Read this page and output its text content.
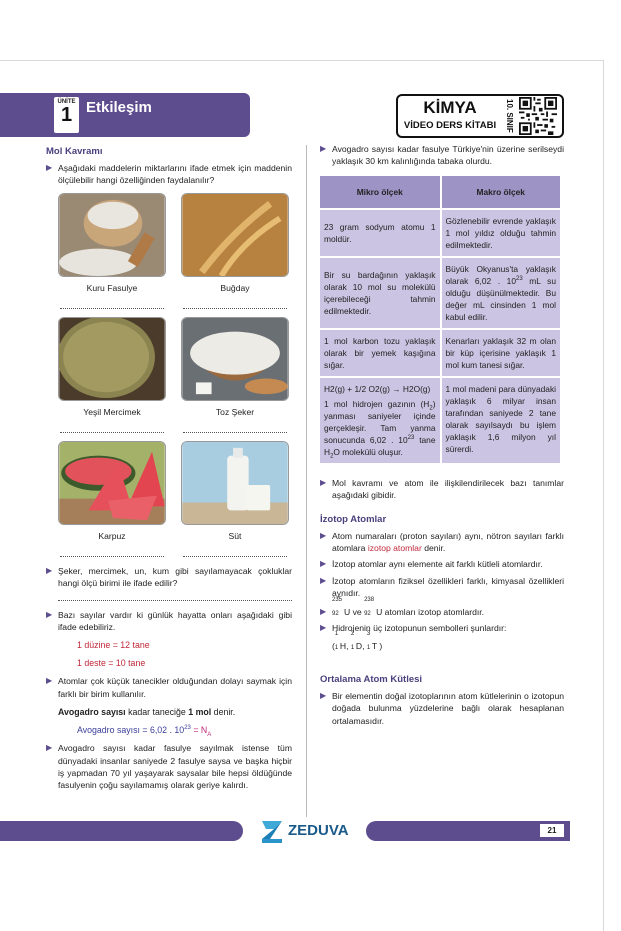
ÜNİTE
1 Etkileşim	KİMYA
VİDEO DERS KİTABI	10. SINIF
Mol Kavramı
▶ Aşağıdaki maddelerin miktarlarını ifade etmek için maddenin ölçülebilir hangi özelliğinden faydalanılır?
Kuru Fasulye	Buğday
Yeşil Mercimek	Toz Şeker
Karpuz	Süt
▶ Şeker, mercimek, un, kum gibi sayılamayacak çokluklar hangi ölçü birimi ile ifade edilir?
▶ Bazı sayılar vardır ki günlük hayatta onları aşağıdaki gibi ifade edebiliriz.
1 düzine = 12 tane
1 deste = 10 tane
▶ Atomlar çok küçük tanecikler olduğundan dolayı saymak için farklı bir birim kullanılır.
Avogadro sayısı kadar taneciğe 1 mol denir.
Avogadro sayısı = 6,02 . $10^{23} = N_A$
▶ Avogadro sayısı kadar fasulye sayılmak istense tüm dünyadaki insanlar saniyede 2 fasulye saysa ve başka hiçbir iş yapmadan 70 yıl yaşayarak saysalar bile hepsi öldüğünde fasulyenin çoğu sayılamamış olarak geriye kalırdı.
▶ Avogadro sayısı kadar fasulye Türkiye'nin üzerine serilseydi yaklaşık 30 km kalınlığında tabaka olurdu.
Mikro ölçek	Makro ölçek
23 gram sodyum atomu 1 moldür.	Gözlenebilir evrende yaklaşık 1 mol yıldız olduğu tahmin edilmektedir.
Bir su bardağının yaklaşık olarak 10 mol su molekülü içerebileceği tahmin edilmektedir.	Büyük Okyanus'ta yaklaşık olarak 6,02 . $10^{23}$ mL su olduğu düşünülmektedir. Bu değer mL cinsinden 1 mol kabul edilir.
1 mol karbon tozu yaklaşık olarak bir yemek kaşığına sığar.	Kenarları yaklaşık 32 m olan bir küp içerisine yaklaşık 1 mol kum tanesi sığar.

H2(g) + 1/2 O2(g) → H2O(g)
1 mol hidrojen gazının $(H_2)$ yanması saniyeler içinde gerçekleşir. Tam yanma sonucunda 6,02 . $10^{23}$ tane $H_2O$ molekülü oluşur.	1 mol madeni para dünyadaki yaklaşık 6 milyar insan tarafından saniyede 2 tane olarak sayılsaydı bu işlem yaklaşık 1,6 milyon yıl sürerdi.
▶ Mol kavramı ve atom ile ilişkilendirilecek bazı tanımlar aşağıdaki gibidir.
İzotop Atomlar
▶ Atom numaraları (proton sayıları) aynı, nötron sayıları farklı atomlara izotop atomlar denir.
▶ İzotop atomlar aynı elemente ait farklı kütleli atomlardır.
▶ İzotop atomların fiziksel özellikleri farklı, kimyasal özellikleri aynıdır.
▶
235
92 U ve
238
92 U atomları izotop atomlardır.
▶ Hidrojenin üç izotopunun sembolleri şunlardır:
(
1
1 H,
2
1 D,
3
1 T )
Ortalama Atom Kütlesi
▶ Bir elementin doğal izotoplarının atom kütlelerinin o izotopun doğada bulunma yüzdelerine bağlı olarak hesaplanan ortalamasıdır.
ZEDUVA	21
